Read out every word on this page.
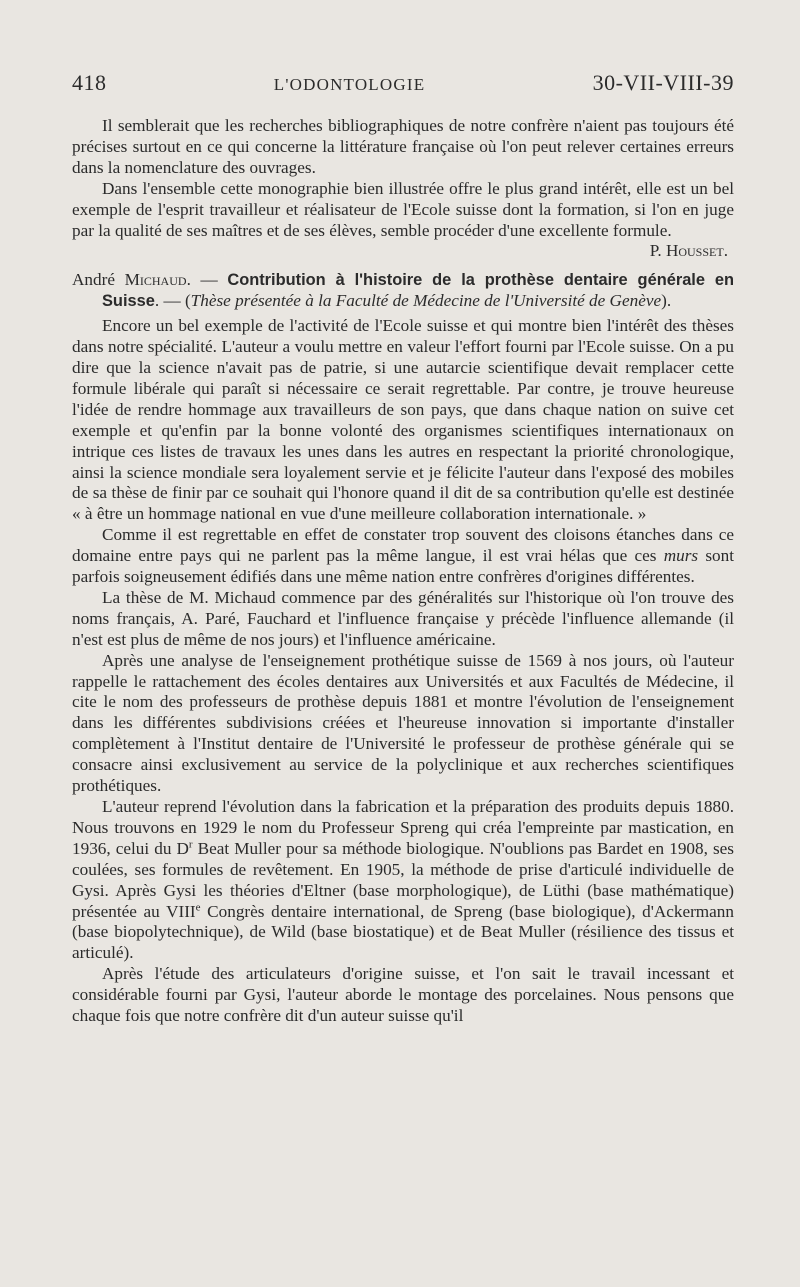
418	L'ODONTOLOGIE	30-VII-VIII-39

Il semblerait que les recherches bibliographiques de notre confrère n'aient pas toujours été précises surtout en ce qui concerne la littérature française où l'on peut relever certaines erreurs dans la nomenclature des ouvrages.

Dans l'ensemble cette monographie bien illustrée offre le plus grand intérêt, elle est un bel exemple de l'esprit travailleur et réalisateur de l'Ecole suisse dont la formation, si l'on en juge par la qualité de ses maîtres et de ses élèves, semble procéder d'une excellente formule.

P. Housset.
André Michaud. — Contribution à l'histoire de la prothèse dentaire générale en Suisse. — (Thèse présentée à la Faculté de Médecine de l'Université de Genève).

Encore un bel exemple de l'activité de l'Ecole suisse et qui montre bien l'intérêt des thèses dans notre spécialité. L'auteur a voulu mettre en valeur l'effort fourni par l'Ecole suisse. On a pu dire que la science n'avait pas de patrie, si une autarcie scientifique devait remplacer cette formule libérale qui paraît si nécessaire ce serait regrettable. Par contre, je trouve heureuse l'idée de rendre hommage aux travailleurs de son pays, que dans chaque nation on suive cet exemple et qu'enfin par la bonne volonté des organismes scientifiques internationaux on intrique ces listes de travaux les unes dans les autres en respectant la priorité chronologique, ainsi la science mondiale sera loyalement servie et je félicite l'auteur dans l'exposé des mobiles de sa thèse de finir par ce souhait qui l'honore quand il dit de sa contribution qu'elle est destinée « à être un hommage national en vue d'une meilleure collaboration internationale. »

Comme il est regrettable en effet de constater trop souvent des cloisons étanches dans ce domaine entre pays qui ne parlent pas la même langue, il est vrai hélas que ces murs sont parfois soigneusement édifiés dans une même nation entre confrères d'origines différentes.

La thèse de M. Michaud commence par des généralités sur l'historique où l'on trouve des noms français, A. Paré, Fauchard et l'influence française y précède l'influence allemande (il n'est est plus de même de nos jours) et l'influence américaine.

Après une analyse de l'enseignement prothétique suisse de 1569 à nos jours, où l'auteur rappelle le rattachement des écoles dentaires aux Universités et aux Facultés de Médecine, il cite le nom des professeurs de prothèse depuis 1881 et montre l'évolution de l'enseignement dans les différentes subdivisions créées et l'heureuse innovation si importante d'installer complètement à l'Institut dentaire de l'Université le professeur de prothèse générale qui se consacre ainsi exclusivement au service de la polyclinique et aux recherches scientifiques prothétiques.

L'auteur reprend l'évolution dans la fabrication et la préparation des produits depuis 1880. Nous trouvons en 1929 le nom du Professeur Spreng qui créa l'empreinte par mastication, en 1936, celui du $D^r$ Beat Muller pour sa méthode biologique. N'oublions pas Bardet en 1908, ses coulées, ses formules de revêtement. En 1905, la méthode de prise d'articulé individuelle de Gysi. Après Gysi les théories d'Eltner (base morphologique), de Lüthi (base mathématique) présentée au VIIIe Congrès dentaire international, de Spreng (base biologique), d'Ackermann (base biopolytechnique), de Wild (base biostatique) et de Beat Muller (résilience des tissus et articulé).

Après l'étude des articulateurs d'origine suisse, et l'on sait le travail incessant et considérable fourni par Gysi, l'auteur aborde le montage des porcelaines. Nous pensons que chaque fois que notre confrère dit d'un auteur suisse qu'il
